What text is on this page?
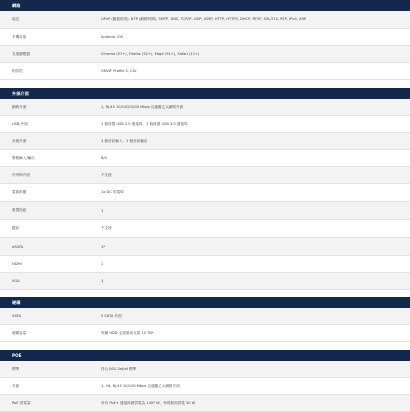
網路
協定	UPnP (隨插即用), NTP (網路時間), SMTP, DNS, TCP/IP, UDP, ICMP, HTTP, HTTPS, DHCP, RTSP, SSL/TLS, RTP, IPv4, ARP
手機存取	Android, iOS
支援瀏覽器	Chrome (57+), Firefox (52+), Edge (91+), Safari (11+)
相容性	ONVIF Profile S, CGI
外部介面
網路介面	1, RJ-45 10/100/1000 Mbps 自適應乙太網路介面
USB 介面	1 個前置 USB 2.0 連接埠、1 個後置 USB 3.0 連接埠
音頻介面	1 個音訊輸入；1 個音訊輸出
警報輸入/輸出	8/4
序列埠介面	不支援
電源供應	1x DC 供電埠
重置按鈕	1
鍵訊	不支援
eSATA	1*
HDMI	1
VGA	1
硬碟
SATA	2 SATA 介面
硬碟容量	每顆 HDD 支援最高支援 10 TB*
POE
標準	符合 802.3at/af 標準
介面	1- 16, RJ-45 10/100 Mbps 自適應乙太網路介面
PoE 供電量	所有 PoE+ 連接埠總供電為 140* W，每埠最高供電 30 W
